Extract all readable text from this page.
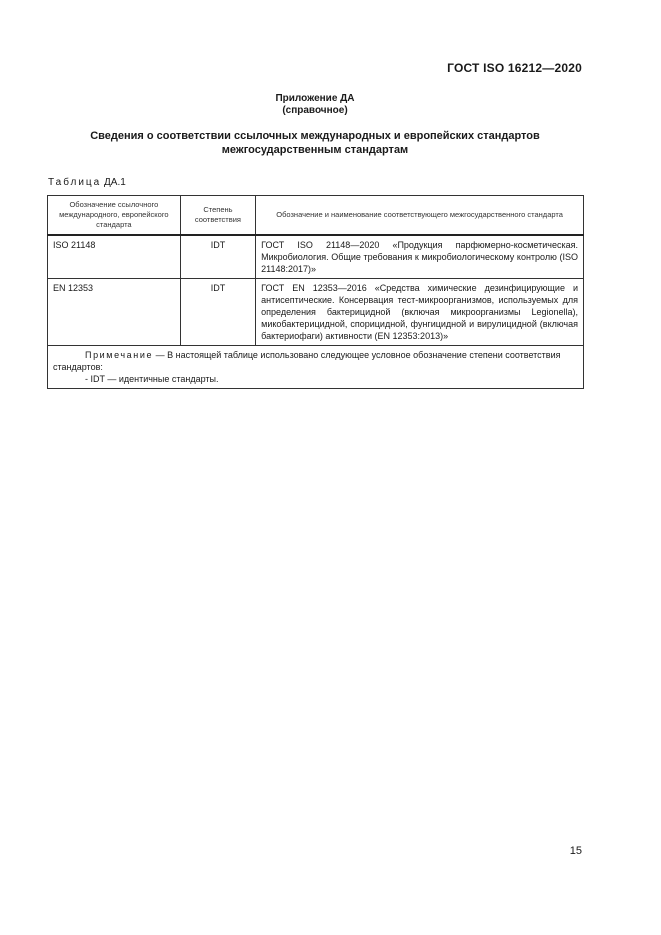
ГОСТ ISO 16212—2020
Приложение ДА
(справочное)
Сведения о соответствии ссылочных международных и европейских стандартов
межгосударственным стандартам
Таблица ДА.1
Обозначение ссылочного международного, европейского стандарта	Степень соответствия	Обозначение и наименование соответствующего межгосударственного стандарта
ISO 21148	IDT	ГОСТ ISO 21148—2020 «Продукция парфюмерно-косметическая. Микробиология. Общие требования к микробиологическому контролю (ISO 21148:2017)»
EN 12353	IDT	ГОСТ EN 12353—2016 «Средства химические дезинфицирующие и антисептические. Консервация тест-микроорганизмов, используемых для определения бактерицидной (включая микроорганизмы Legionella), микобактерицидной, спорицидной, фунгицидной и вирулицидной (включая бактериофаги) активности (EN 12353:2013)»

Примечание — В настоящей таблице использовано следующее условное обозначение степени соответствия стандартов:
- IDT — идентичные стандарты.		
15
